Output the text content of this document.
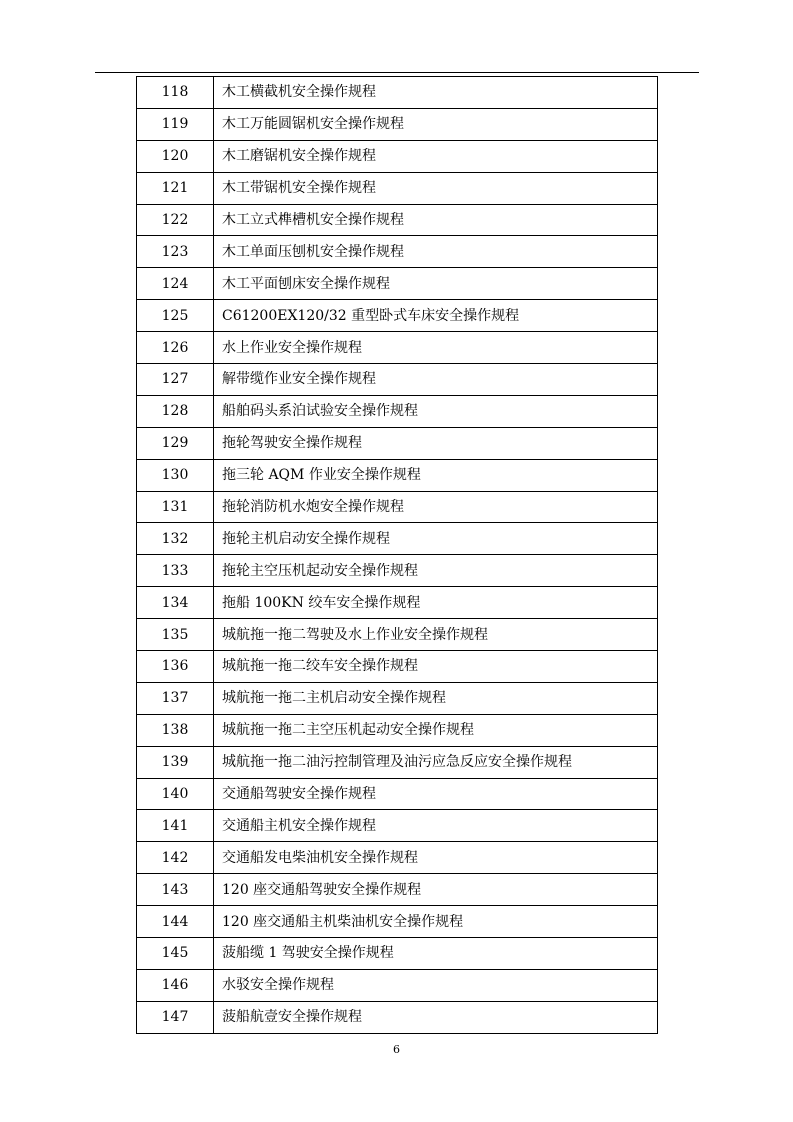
118	木工横截机安全操作规程
119	木工万能圆锯机安全操作规程
120	木工磨锯机安全操作规程
121	木工带锯机安全操作规程
122	木工立式榫槽机安全操作规程
123	木工单面压刨机安全操作规程
124	木工平面刨床安全操作规程
125	C61200EX120/32 重型卧式车床安全操作规程
126	水上作业安全操作规程
127	解带缆作业安全操作规程
128	船舶码头系泊试验安全操作规程
129	拖轮驾驶安全操作规程
130	拖三轮 AQM 作业安全操作规程
131	拖轮消防机水炮安全操作规程
132	拖轮主机启动安全操作规程
133	拖轮主空压机起动安全操作规程
134	拖船 100KN 绞车安全操作规程
135	城航拖一拖二驾驶及水上作业安全操作规程
136	城航拖一拖二绞车安全操作规程
137	城航拖一拖二主机启动安全操作规程
138	城航拖一拖二主空压机起动安全操作规程
139	城航拖一拖二油污控制管理及油污应急反应安全操作规程
140	交通船驾驶安全操作规程
141	交通船主机安全操作规程
142	交通船发电柴油机安全操作规程
143	120 座交通船驾驶安全操作规程
144	120 座交通船主机柴油机安全操作规程
145	菠船缆 1 驾驶安全操作规程
146	水驳安全操作规程
147	菠船航壹安全操作规程
6
